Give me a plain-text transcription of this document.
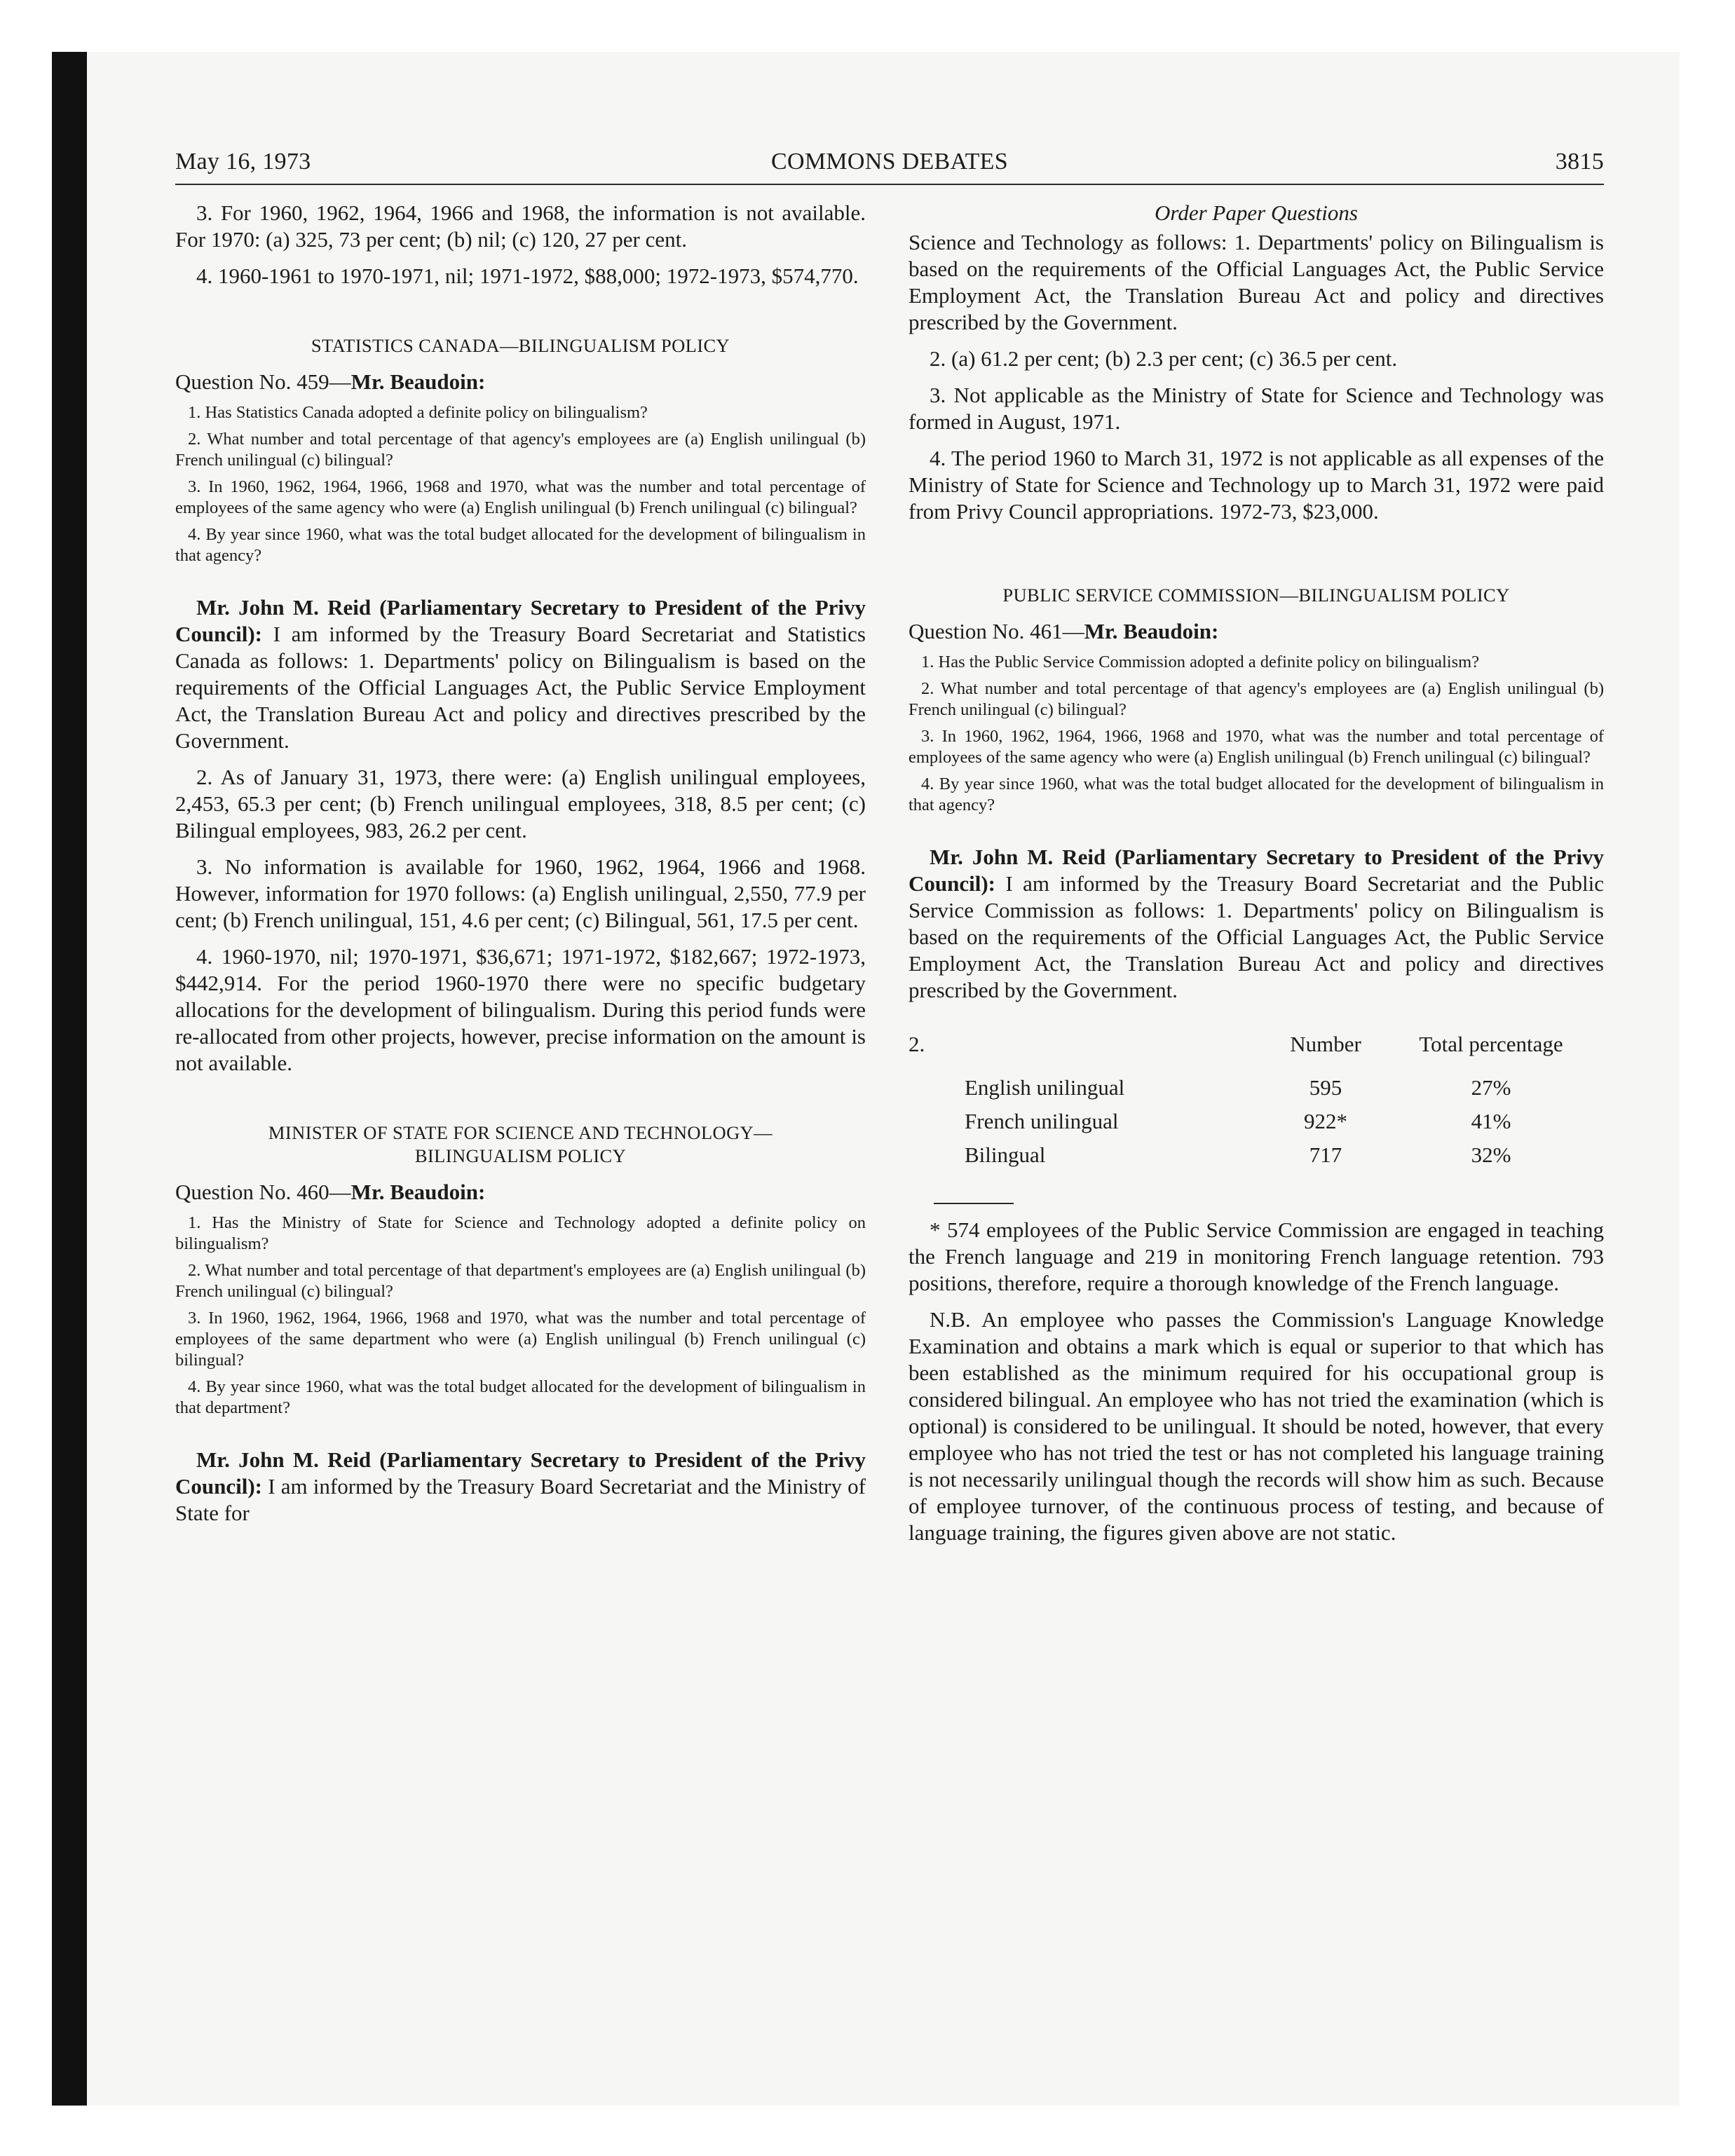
May 16, 1973	COMMONS DEBATES	3815

3. For 1960, 1962, 1964, 1966 and 1968, the information is not available. For 1970: (a) 325, 73 per cent; (b) nil; (c) 120, 27 per cent.

4. 1960-1961 to 1970-1971, nil; 1971-1972, $88,000; 1972-1973, $574,770.

STATISTICS CANADA—BILINGUALISM POLICY

Question No. 459—Mr. Beaudoin:

1. Has Statistics Canada adopted a definite policy on bilingualism?

2. What number and total percentage of that agency's employees are (a) English unilingual (b) French unilingual (c) bilingual?

3. In 1960, 1962, 1964, 1966, 1968 and 1970, what was the number and total percentage of employees of the same agency who were (a) English unilingual (b) French unilingual (c) bilingual?

4. By year since 1960, what was the total budget allocated for the development of bilingualism in that agency?

Mr. John M. Reid (Parliamentary Secretary to President of the Privy Council): I am informed by the Treasury Board Secretariat and Statistics Canada as follows: 1. Departments' policy on Bilingualism is based on the requirements of the Official Languages Act, the Public Service Employment Act, the Translation Bureau Act and policy and directives prescribed by the Government.

2. As of January 31, 1973, there were: (a) English unilingual employees, 2,453, 65.3 per cent; (b) French unilingual employees, 318, 8.5 per cent; (c) Bilingual employees, 983, 26.2 per cent.

3. No information is available for 1960, 1962, 1964, 1966 and 1968. However, information for 1970 follows: (a) English unilingual, 2,550, 77.9 per cent; (b) French unilingual, 151, 4.6 per cent; (c) Bilingual, 561, 17.5 per cent.

4. 1960-1970, nil; 1970-1971, $36,671; 1971-1972, $182,667; 1972-1973, $442,914. For the period 1960-1970 there were no specific budgetary allocations for the development of bilingualism. During this period funds were re-allocated from other projects, however, precise information on the amount is not available.

MINISTER OF STATE FOR SCIENCE AND TECHNOLOGY—
BILINGUALISM POLICY

Question No. 460—Mr. Beaudoin:

1. Has the Ministry of State for Science and Technology adopted a definite policy on bilingualism?

2. What number and total percentage of that department's employees are (a) English unilingual (b) French unilingual (c) bilingual?

3. In 1960, 1962, 1964, 1966, 1968 and 1970, what was the number and total percentage of employees of the same department who were (a) English unilingual (b) French unilingual (c) bilingual?

4. By year since 1960, what was the total budget allocated for the development of bilingualism in that department?

Mr. John M. Reid (Parliamentary Secretary to President of the Privy Council): I am informed by the Treasury Board Secretariat and the Ministry of State for

Order Paper Questions

Science and Technology as follows: 1. Departments' policy on Bilingualism is based on the requirements of the Official Languages Act, the Public Service Employment Act, the Translation Bureau Act and policy and directives prescribed by the Government.

2. (a) 61.2 per cent; (b) 2.3 per cent; (c) 36.5 per cent.

3. Not applicable as the Ministry of State for Science and Technology was formed in August, 1971.

4. The period 1960 to March 31, 1972 is not applicable as all expenses of the Ministry of State for Science and Technology up to March 31, 1972 were paid from Privy Council appropriations. 1972-73, $23,000.

PUBLIC SERVICE COMMISSION—BILINGUALISM POLICY

Question No. 461—Mr. Beaudoin:

1. Has the Public Service Commission adopted a definite policy on bilingualism?

2. What number and total percentage of that agency's employees are (a) English unilingual (b) French unilingual (c) bilingual?

3. In 1960, 1962, 1964, 1966, 1968 and 1970, what was the number and total percentage of employees of the same agency who were (a) English unilingual (b) French unilingual (c) bilingual?

4. By year since 1960, what was the total budget allocated for the development of bilingualism in that agency?

Mr. John M. Reid (Parliamentary Secretary to President of the Privy Council): I am informed by the Treasury Board Secretariat and the Public Service Commission as follows: 1. Departments' policy on Bilingualism is based on the requirements of the Official Languages Act, the Public Service Employment Act, the Translation Bureau Act and policy and directives prescribed by the Government.

2.		Number	Total percentage

	English unilingual	595	27%
	French unilingual	922*	41%
	Bilingual	717	32%

* 574 employees of the Public Service Commission are engaged in teaching the French language and 219 in monitoring French language retention. 793 positions, therefore, require a thorough knowledge of the French language.

N.B. An employee who passes the Commission's Language Knowledge Examination and obtains a mark which is equal or superior to that which has been established as the minimum required for his occupational group is considered bilingual. An employee who has not tried the examination (which is optional) is considered to be unilingual. It should be noted, however, that every employee who has not tried the test or has not completed his language training is not necessarily unilingual though the records will show him as such. Because of employee turnover, of the continuous process of testing, and because of language training, the figures given above are not static.
